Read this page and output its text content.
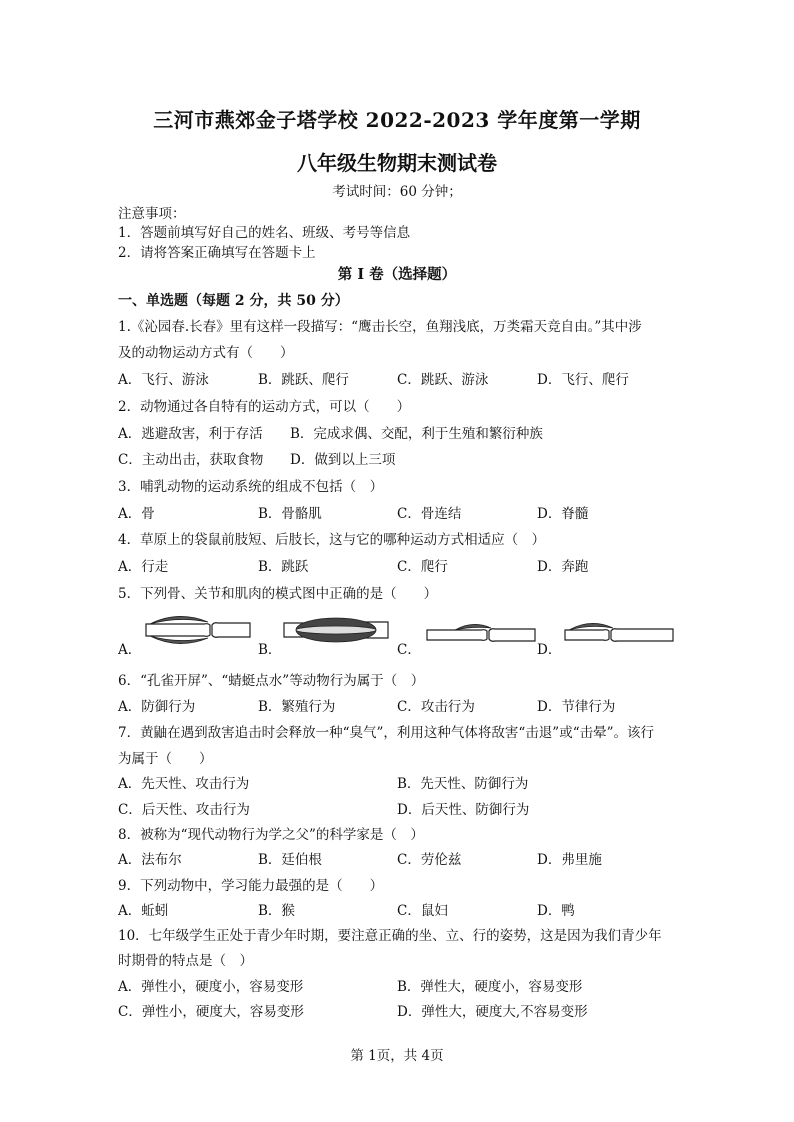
三河市燕郊金子塔学校 2022-2023 学年度第一学期
八年级生物期末测试卷
考试时间：60 分钟；
注意事项：
1．答题前填写好自己的姓名、班级、考号等信息
2．请将答案正确填写在答题卡上
第 I 卷（选择题）
一、单选题（每题 2 分，共 50 分）
1.《沁园春.长春》里有这样一段描写：“鹰击长空，鱼翔浅底，万类霜天竞自由。”其中涉
及的动物运动方式有（　　）
A．飞行、游泳	B．跳跃、爬行	C．跳跃、游泳	D．飞行、爬行
2．动物通过各自特有的运动方式，可以（　　）
A．逃避敌害，利于存活 B．完成求偶、交配，利于生殖和繁衍种族
C．主动出击，获取食物 D．做到以上三项
3．哺乳动物的运动系统的组成不包括（　）
A．骨	B．骨骼肌	C．骨连结	D．脊髓
4．草原上的袋鼠前肢短、后肢长，这与它的哪种运动方式相适应（　）
A．行走	B．跳跃	C．爬行	D．奔跑
5．下列骨、关节和肌肉的模式图中正确的是（　　）
A．	B．	C．	D．
6．“孔雀开屏”、“蜻蜓点水”等动物行为属于（　）
A．防御行为	B．繁殖行为	C．攻击行为	D．节律行为
7．黄鼬在遇到敌害追击时会释放一种“臭气”，利用这种气体将敌害“击退”或“击晕”。该行
为属于（　　）
A．先天性、攻击行为	B．先天性、防御行为
C．后天性、攻击行为	D．后天性、防御行为
8．被称为“现代动物行为学之父”的科学家是（　）
A．法布尔	B．廷伯根	C．劳伦兹	D．弗里施
9．下列动物中，学习能力最强的是（　　）
A．蚯蚓	B．猴	C．鼠妇	D．鸭
10．七年级学生正处于青少年时期，要注意正确的坐、立、行的姿势，这是因为我们青少年
时期骨的特点是（　）
A．弹性小，硬度小，容易变形	B．弹性大，硬度小，容易变形
C．弹性小，硬度大，容易变形	D．弹性大，硬度大,不容易变形
第 1页，共 4页
